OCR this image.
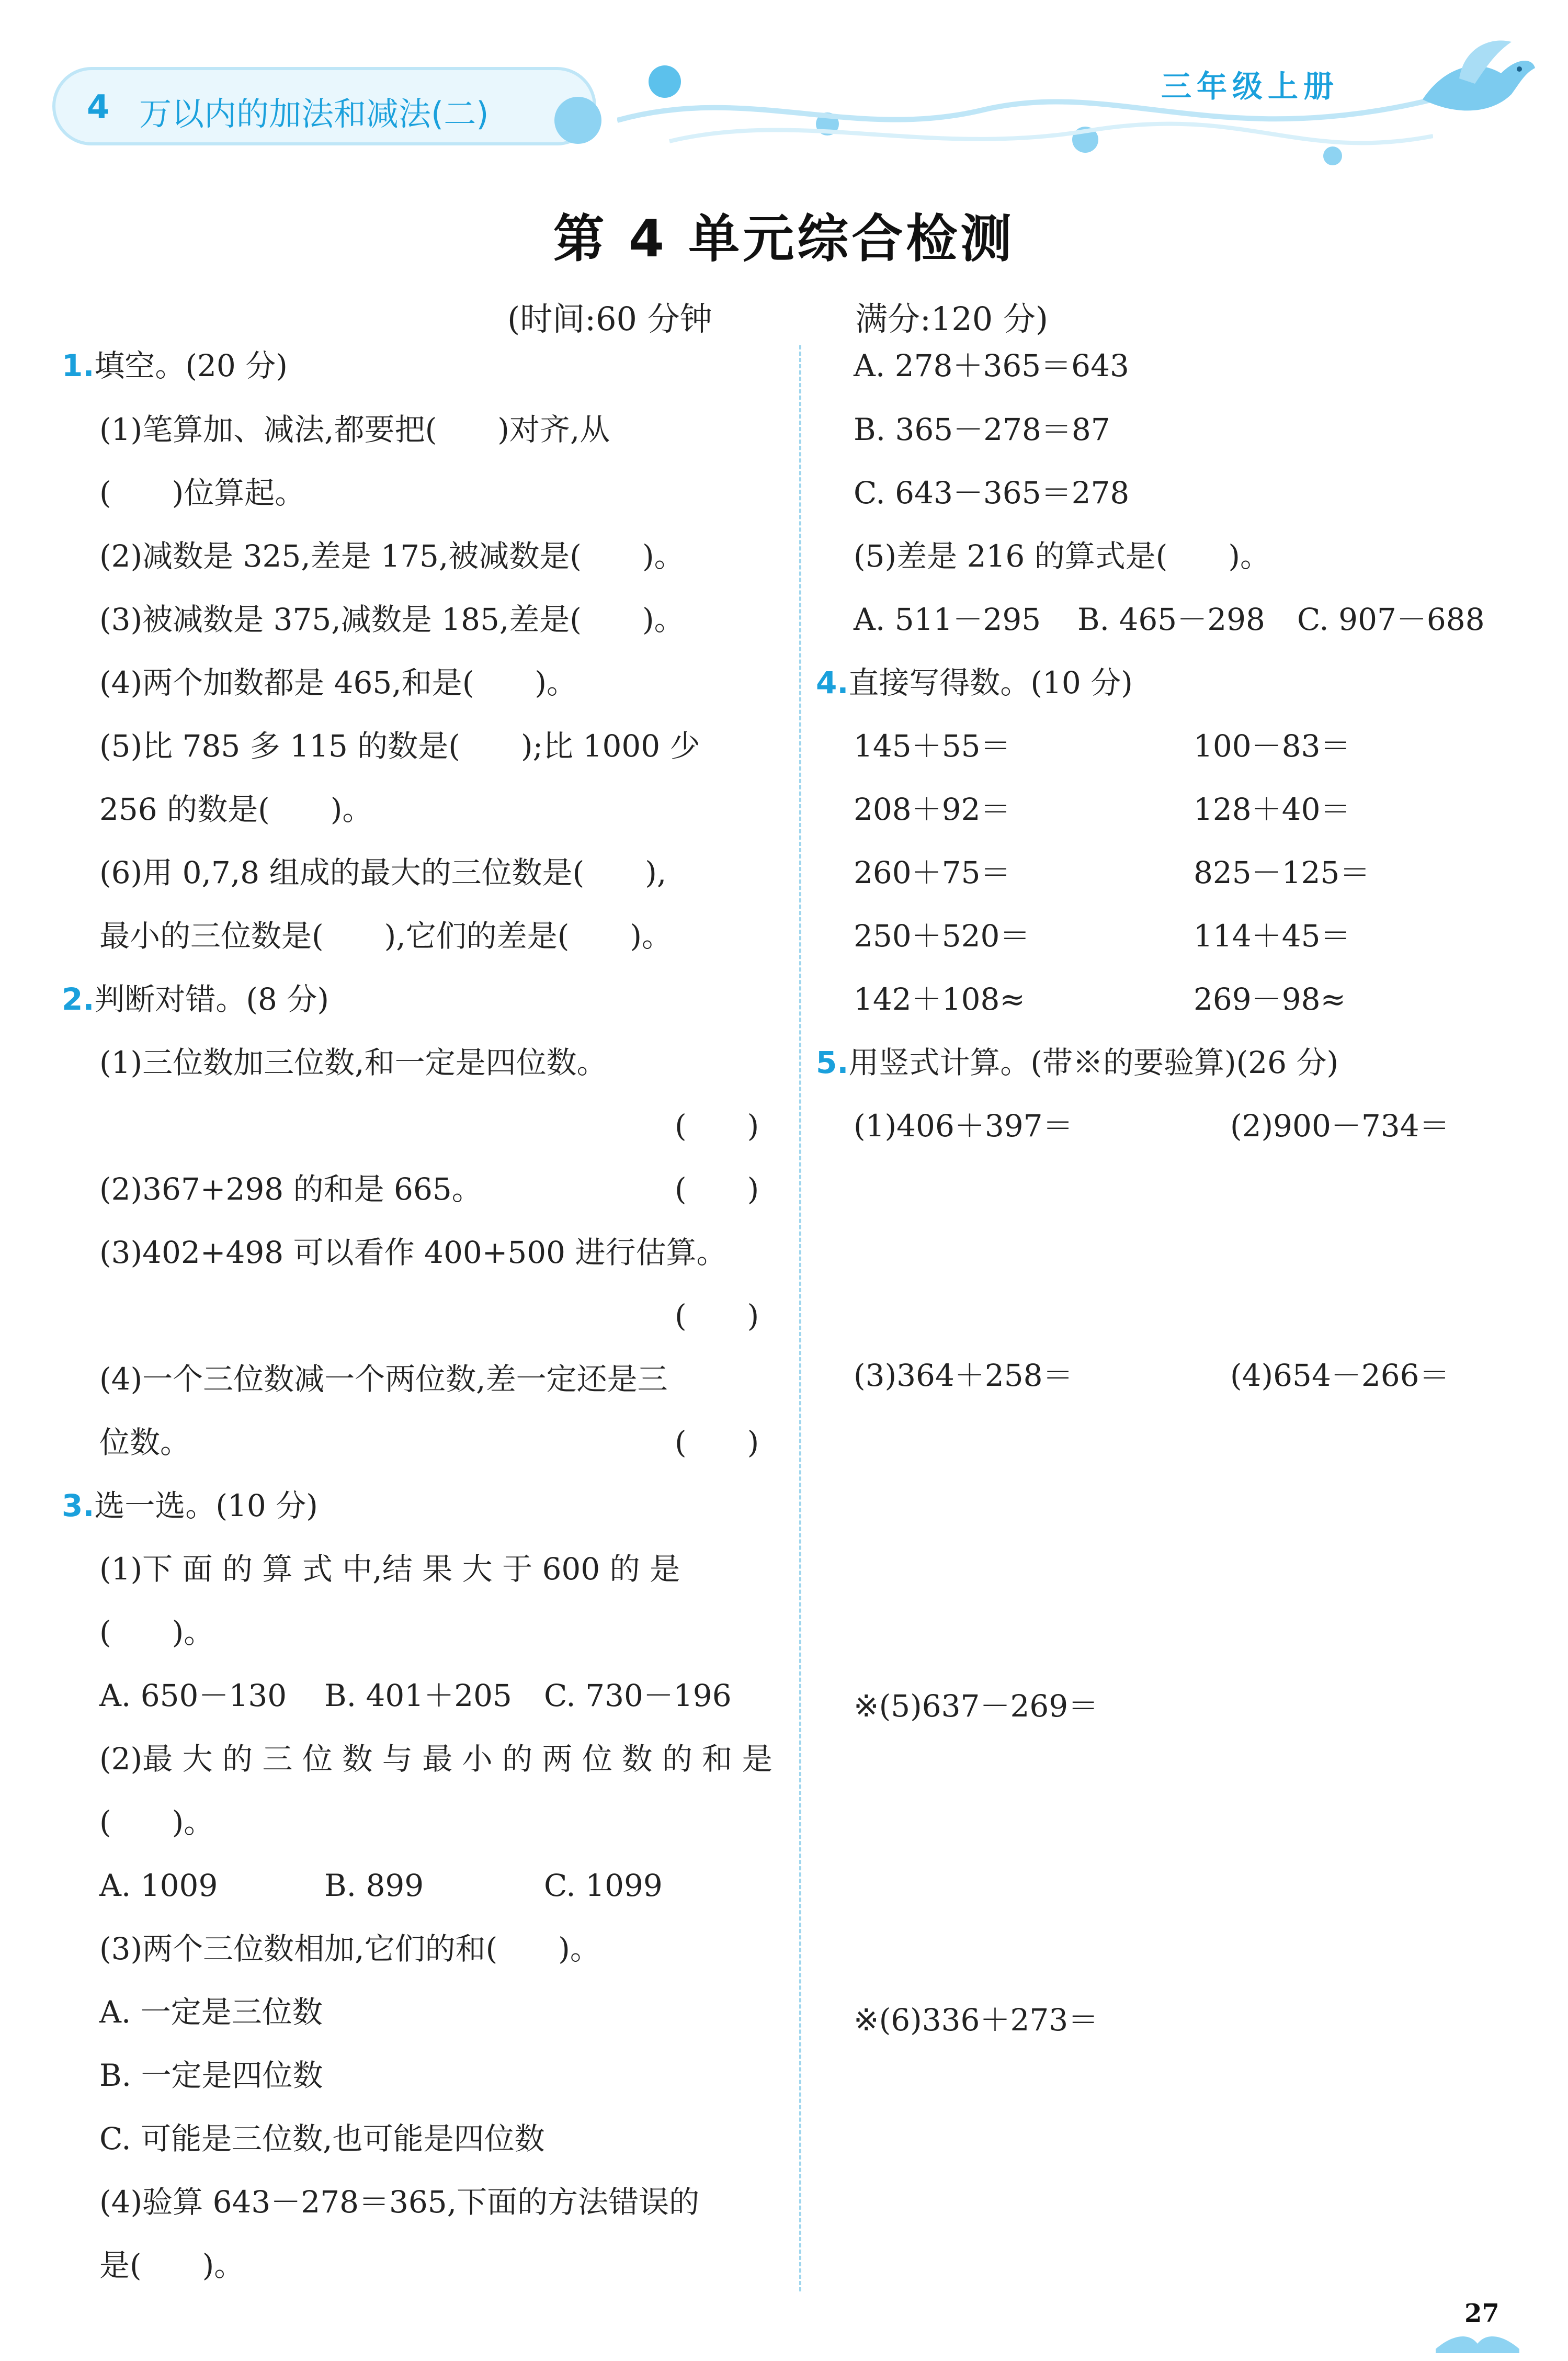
4 万以内的加法和减法(二)
三年级上册
第 4 单元综合检测
(时间:60 分钟	满分:120 分)
1.填空。(20 分)
(1)笔算加、减法,都要把(　　)对齐,从
(　　)位算起。
(2)减数是 325,差是 175,被减数是(　　)。
(3)被减数是 375,减数是 185,差是(　　)。
(4)两个加数都是 465,和是(　　)。
(5)比 785 多 115 的数是(　　);比 1000 少
256 的数是(　　)。
(6)用 0,7,8 组成的最大的三位数是(　　),
最小的三位数是(　　),它们的差是(　　)。
2.判断对错。(8 分)
(1)三位数加三位数,和一定是四位数。
(　　)
(2)367+298 的和是 665。	(　　)
(3)402+498 可以看作 400+500 进行估算。
(　　)
(4)一个三位数减一个两位数,差一定还是三
位数。	(　　)
3.选一选。(10 分)
(1)下 面 的 算 式 中,结 果 大 于 600 的 是
(　　)。
A. 650－130 B. 401＋205 C. 730－196
(2)最 大 的 三 位 数 与 最 小 的 两 位 数 的 和 是
(　　)。
A. 1009	B. 899	C. 1099
(3)两个三位数相加,它们的和(　　)。
A. 一定是三位数
B. 一定是四位数
C. 可能是三位数,也可能是四位数
(4)验算 643－278＝365,下面的方法错误的
是(　　)。
A. 278＋365＝643
B. 365－278＝87
C. 643－365＝278
(5)差是 216 的算式是(　　)。
A. 511－295 B. 465－298 C. 907－688
4.直接写得数。(10 分)
145＋55＝	100－83＝
208＋92＝	128＋40＝
260＋75＝	825－125＝
250＋520＝	114＋45＝
142＋108≈	269－98≈
5.用竖式计算。(带※的要验算)(26 分)
(1)406＋397＝	(2)900－734＝
(3)364＋258＝	(4)654－266＝
※(5)637－269＝
※(6)336＋273＝
27
